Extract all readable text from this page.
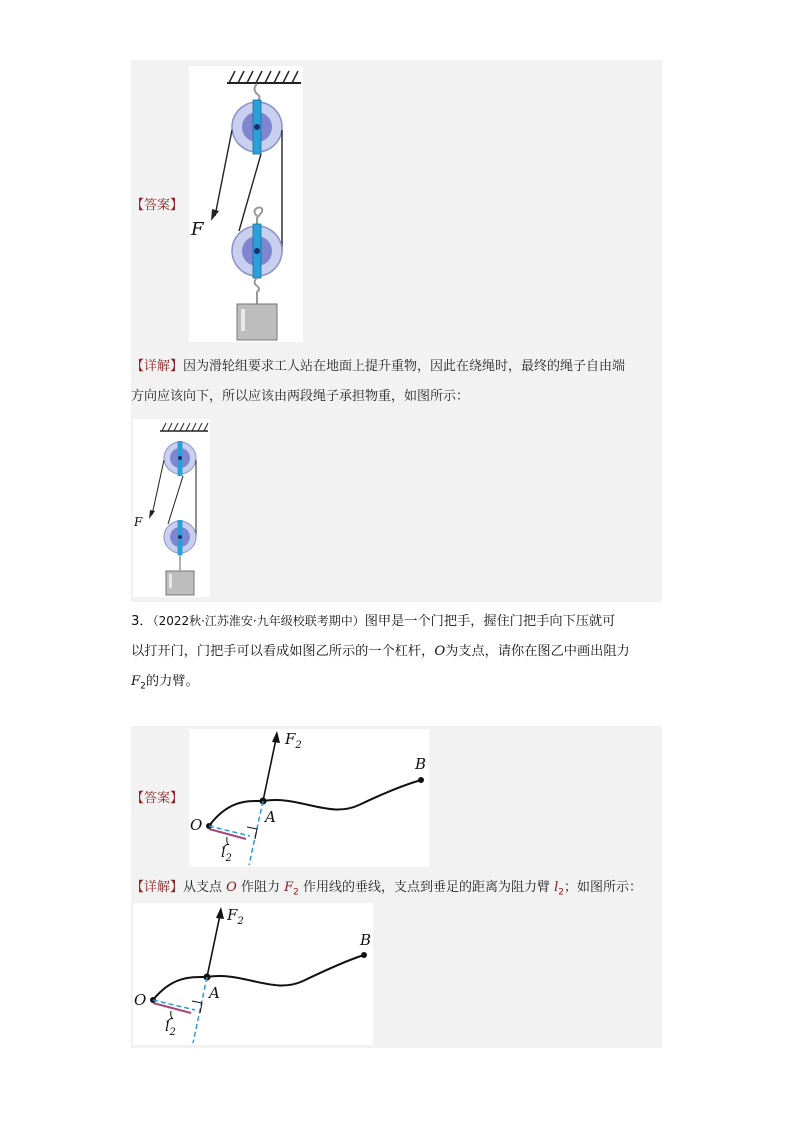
F
【答案】
【详解】因为滑轮组要求工人站在地面上提升重物，因此在绕绳时，最终的绳子自由端
方向应该向下，所以应该由两段绳子承担物重，如图所示：
F
3．（2022秋·江苏淮安·九年级校联考期中）图甲是一个门把手，握住门把手向下压就可
以打开门，门把手可以看成如图乙所示的一个杠杆，O为支点，请你在图乙中画出阻力
$F_2$的力臂。
$F_2$
B
A
O
$l_2$
【答案】
【详解】从支点 O 作阻力 $F_2$ 作用线的垂线，支点到垂足的距离为阻力臂 $l_2$；如图所示：
$F_2$
B
A
O
$l_2$
